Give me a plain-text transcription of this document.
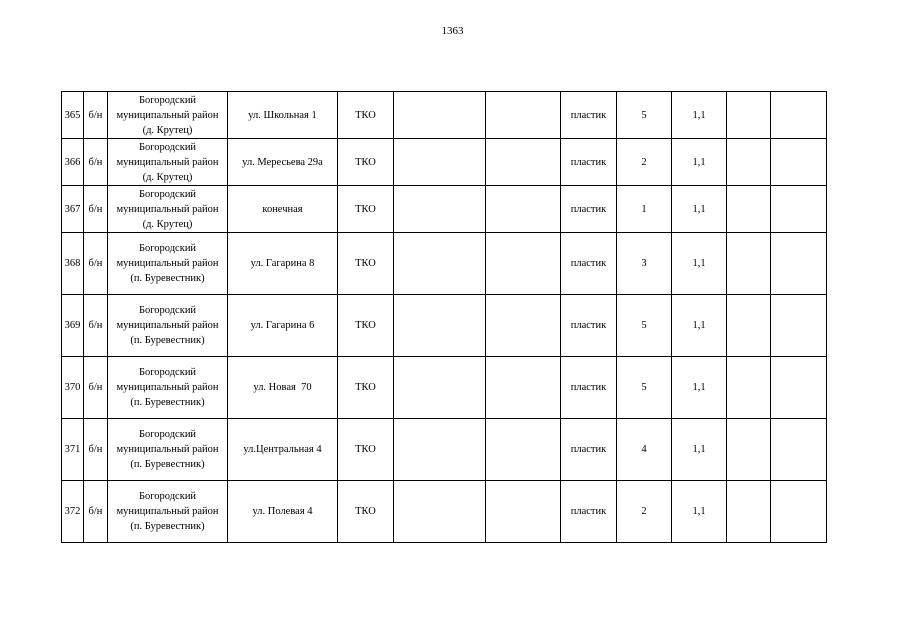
1363
365	б/н	Богородский
муниципальный район
(д. Крутец)	ул. Школьная 1	ТКО			пластик	5	1,1		
366	б/н	Богородский
муниципальный район
(д. Крутец)	ул. Мересьева 29а	ТКО			пластик	2	1,1		
367	б/н	Богородский
муниципальный район
(д. Крутец)	конечная	ТКО			пластик	1	1,1		
368	б/н	Богородский
муниципальный район
(п. Буревестник)	ул. Гагарина 8	ТКО			пластик	3	1,1		
369	б/н	Богородский
муниципальный район
(п. Буревестник)	ул. Гагарина 6	ТКО			пластик	5	1,1		
370	б/н	Богородский
муниципальный район
(п. Буревестник)	ул. Новая  70	ТКО			пластик	5	1,1		
371	б/н	Богородский
муниципальный район
(п. Буревестник)	ул.Центральная 4	ТКО			пластик	4	1,1		
372	б/н	Богородский
муниципальный район
(п. Буревестник)	ул. Полевая 4	ТКО			пластик	2	1,1		
